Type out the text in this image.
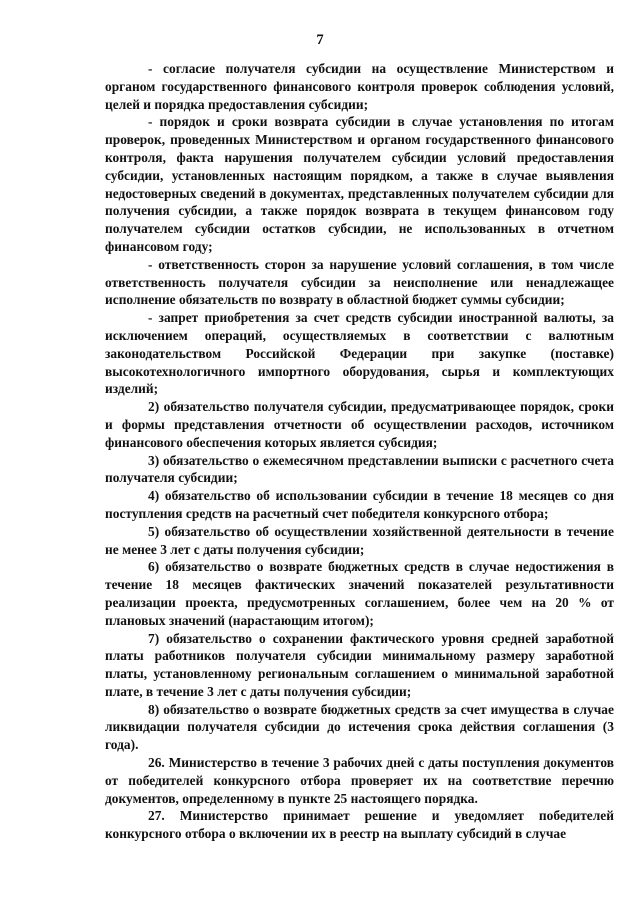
7

- согласие получателя субсидии на осуществление Министерством и органом государственного финансового контроля проверок соблюдения условий, целей и порядка предоставления субсидии;

- порядок и сроки возврата субсидии в случае установления по итогам проверок, проведенных Министерством и органом государственного финансового контроля, факта нарушения получателем субсидии условий предоставления субсидии, установленных настоящим порядком, а также в случае выявления недостоверных сведений в документах, представленных получателем субсидии для получения субсидии, а также порядок возврата в текущем финансовом году получателем субсидии остатков субсидии, не использованных в отчетном финансовом году;

- ответственность сторон за нарушение условий соглашения, в том числе ответственность получателя субсидии за неисполнение или ненадлежащее исполнение обязательств по возврату в областной бюджет суммы субсидии;

- запрет приобретения за счет средств субсидии иностранной валюты, за исключением операций, осуществляемых в соответствии с валютным законодательством Российской Федерации при закупке (поставке) высокотехнологичного импортного оборудования, сырья и комплектующих изделий;

2) обязательство получателя субсидии, предусматривающее порядок, сроки и формы представления отчетности об осуществлении расходов, источником финансового обеспечения которых является субсидия;

3) обязательство о ежемесячном представлении выписки с расчетного счета получателя субсидии;

4) обязательство об использовании субсидии в течение 18 месяцев со дня поступления средств на расчетный счет победителя конкурсного отбора;

5) обязательство об осуществлении хозяйственной деятельности в течение не менее 3 лет с даты получения субсидии;

6) обязательство о возврате бюджетных средств в случае недостижения в течение 18 месяцев фактических значений показателей результативности реализации проекта, предусмотренных соглашением, более чем на 20 % от плановых значений (нарастающим итогом);

7) обязательство о сохранении фактического уровня средней заработной платы работников получателя субсидии минимальному размеру заработной платы, установленному региональным соглашением о минимальной заработной плате, в течение 3 лет с даты получения субсидии;

8) обязательство о возврате бюджетных средств за счет имущества в случае ликвидации получателя субсидии до истечения срока действия соглашения (3 года).

26. Министерство в течение 3 рабочих дней с даты поступления документов от победителей конкурсного отбора проверяет их на соответствие перечню документов, определенному в пункте 25 настоящего порядка.

27. Министерство принимает решение и уведомляет победителей конкурсного отбора о включении их в реестр на выплату субсидий в случае
